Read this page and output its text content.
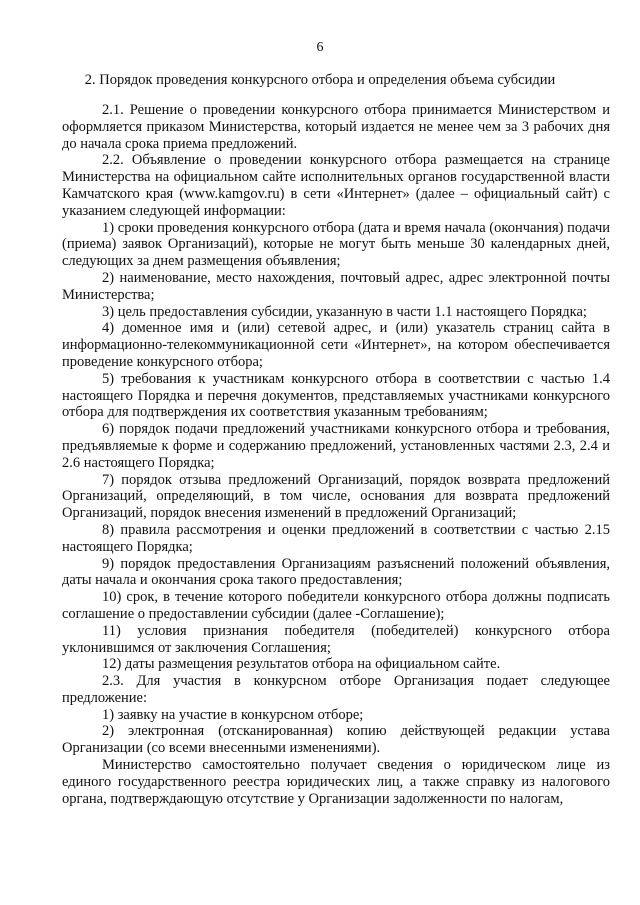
6
2. Порядок проведения конкурсного отбора и определения объема субсидии

2.1. Решение о проведении конкурсного отбора принимается Министерством и оформляется приказом Министерства, который издается не менее чем за 3 рабочих дня до начала срока приема предложений.

2.2. Объявление о проведении конкурсного отбора размещается на странице Министерства на официальном сайте исполнительных органов государственной власти Камчатского края (www.kamgov.ru) в сети «Интернет» (далее – официальный сайт) с указанием следующей информации:

1) сроки проведения конкурсного отбора (дата и время начала (окончания) подачи (приема) заявок Организаций), которые не могут быть меньше 30 календарных дней, следующих за днем размещения объявления;

2) наименование, место нахождения, почтовый адрес, адрес электронной почты Министерства;

3) цель предоставления субсидии, указанную в части 1.1 настоящего Порядка;

4) доменное имя и (или) сетевой адрес, и (или) указатель страниц сайта в информационно-телекоммуникационной сети «Интернет», на котором обеспечивается проведение конкурсного отбора;

5) требования к участникам конкурсного отбора в соответствии с частью 1.4 настоящего Порядка и перечня документов, представляемых участниками конкурсного отбора для подтверждения их соответствия указанным требованиям;

6) порядок подачи предложений участниками конкурсного отбора и требования, предъявляемые к форме и содержанию предложений, установленных частями 2.3, 2.4 и 2.6 настоящего Порядка;

7) порядок отзыва предложений Организаций, порядок возврата предложений Организаций, определяющий, в том числе, основания для возврата предложений Организаций, порядок внесения изменений в предложений Организаций;

8) правила рассмотрения и оценки предложений в соответствии с частью 2.15 настоящего Порядка;

9) порядок предоставления Организациям разъяснений положений объявления, даты начала и окончания срока такого предоставления;

10) срок, в течение которого победители конкурсного отбора должны подписать соглашение о предоставлении субсидии (далее -Соглашение);

11) условия признания победителя (победителей) конкурсного отбора уклонившимся от заключения Соглашения;

12) даты размещения результатов отбора на официальном сайте.

2.3. Для участия в конкурсном отборе Организация подает следующее предложение:

1) заявку на участие в конкурсном отборе;

2) электронная (отсканированная) копию действующей редакции устава Организации (со всеми внесенными изменениями).

Министерство самостоятельно получает сведения о юридическом лице из единого государственного реестра юридических лиц, а также справку из налогового органа, подтверждающую отсутствие у Организации задолженности по налогам,
